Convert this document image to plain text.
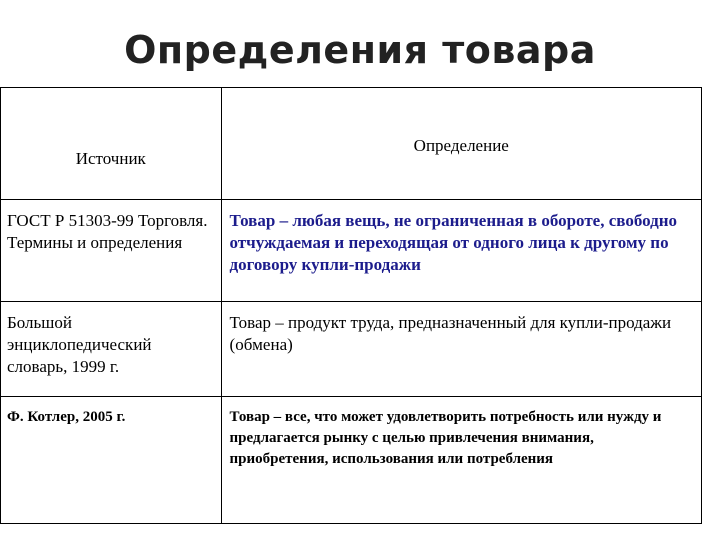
Определения товара
Источник	Определение
ГОСТ Р 51303-99 Торговля. Термины и определения	Товар – любая вещь, не ограниченная в обороте, свободно отчуждаемая и переходящая от одного лица к другому по договору купли-продажи
Большой энциклопедический словарь, 1999 г.	Товар – продукт труда, предназначенный для купли-продажи (обмена)
Ф. Котлер, 2005 г.	Товар – все, что может удовлетворить потребность или нужду и предлагается рынку с целью привлечения внимания, приобретения, использования или потребления
